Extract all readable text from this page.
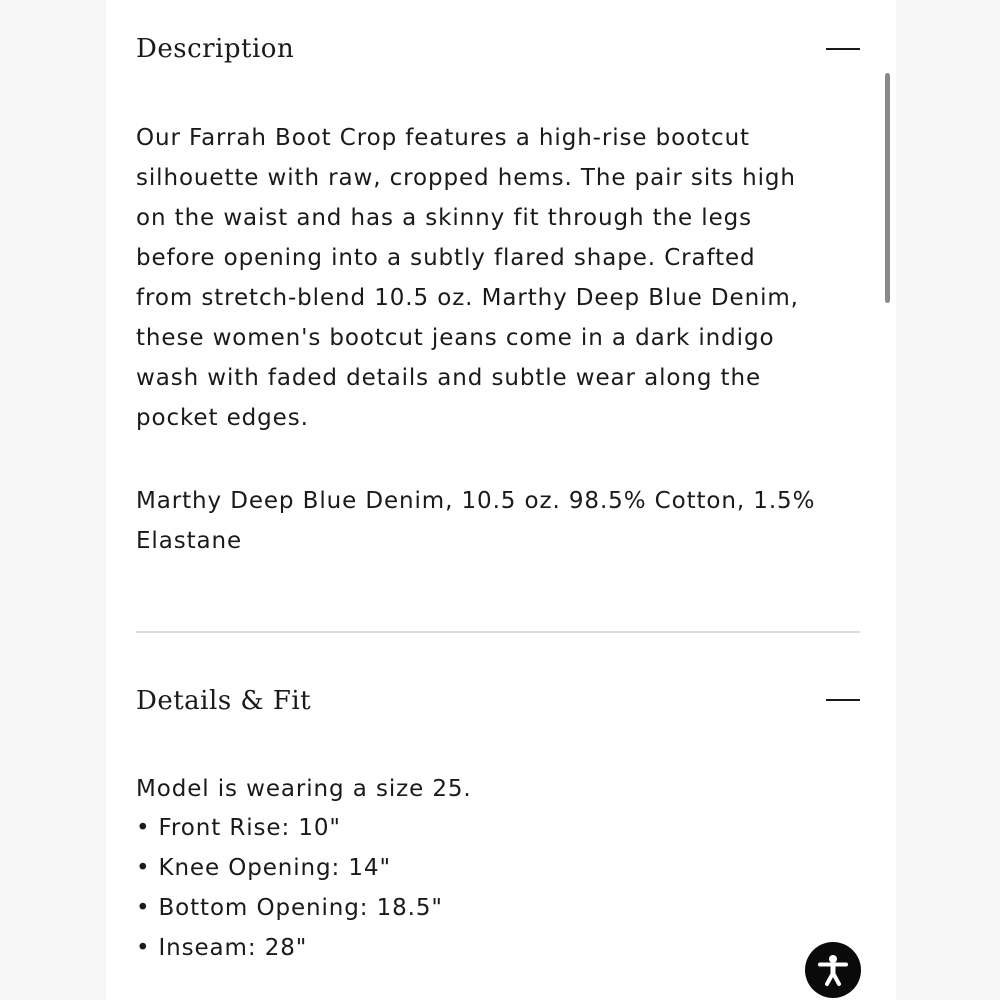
Description
Our Farrah Boot Crop features a high-rise bootcut
silhouette with raw, cropped hems. The pair sits high
on the waist and has a skinny fit through the legs
before opening into a subtly flared shape. Crafted
from stretch-blend 10.5 oz. Marthy Deep Blue Denim,
these women's bootcut jeans come in a dark indigo
wash with faded details and subtle wear along the
pocket edges.
Marthy Deep Blue Denim, 10.5 oz. 98.5% Cotton, 1.5%
Elastane
Details & Fit
Model is wearing a size 25.
• Front Rise: 10"
• Knee Opening: 14"
• Bottom Opening: 18.5"
• Inseam: 28"
